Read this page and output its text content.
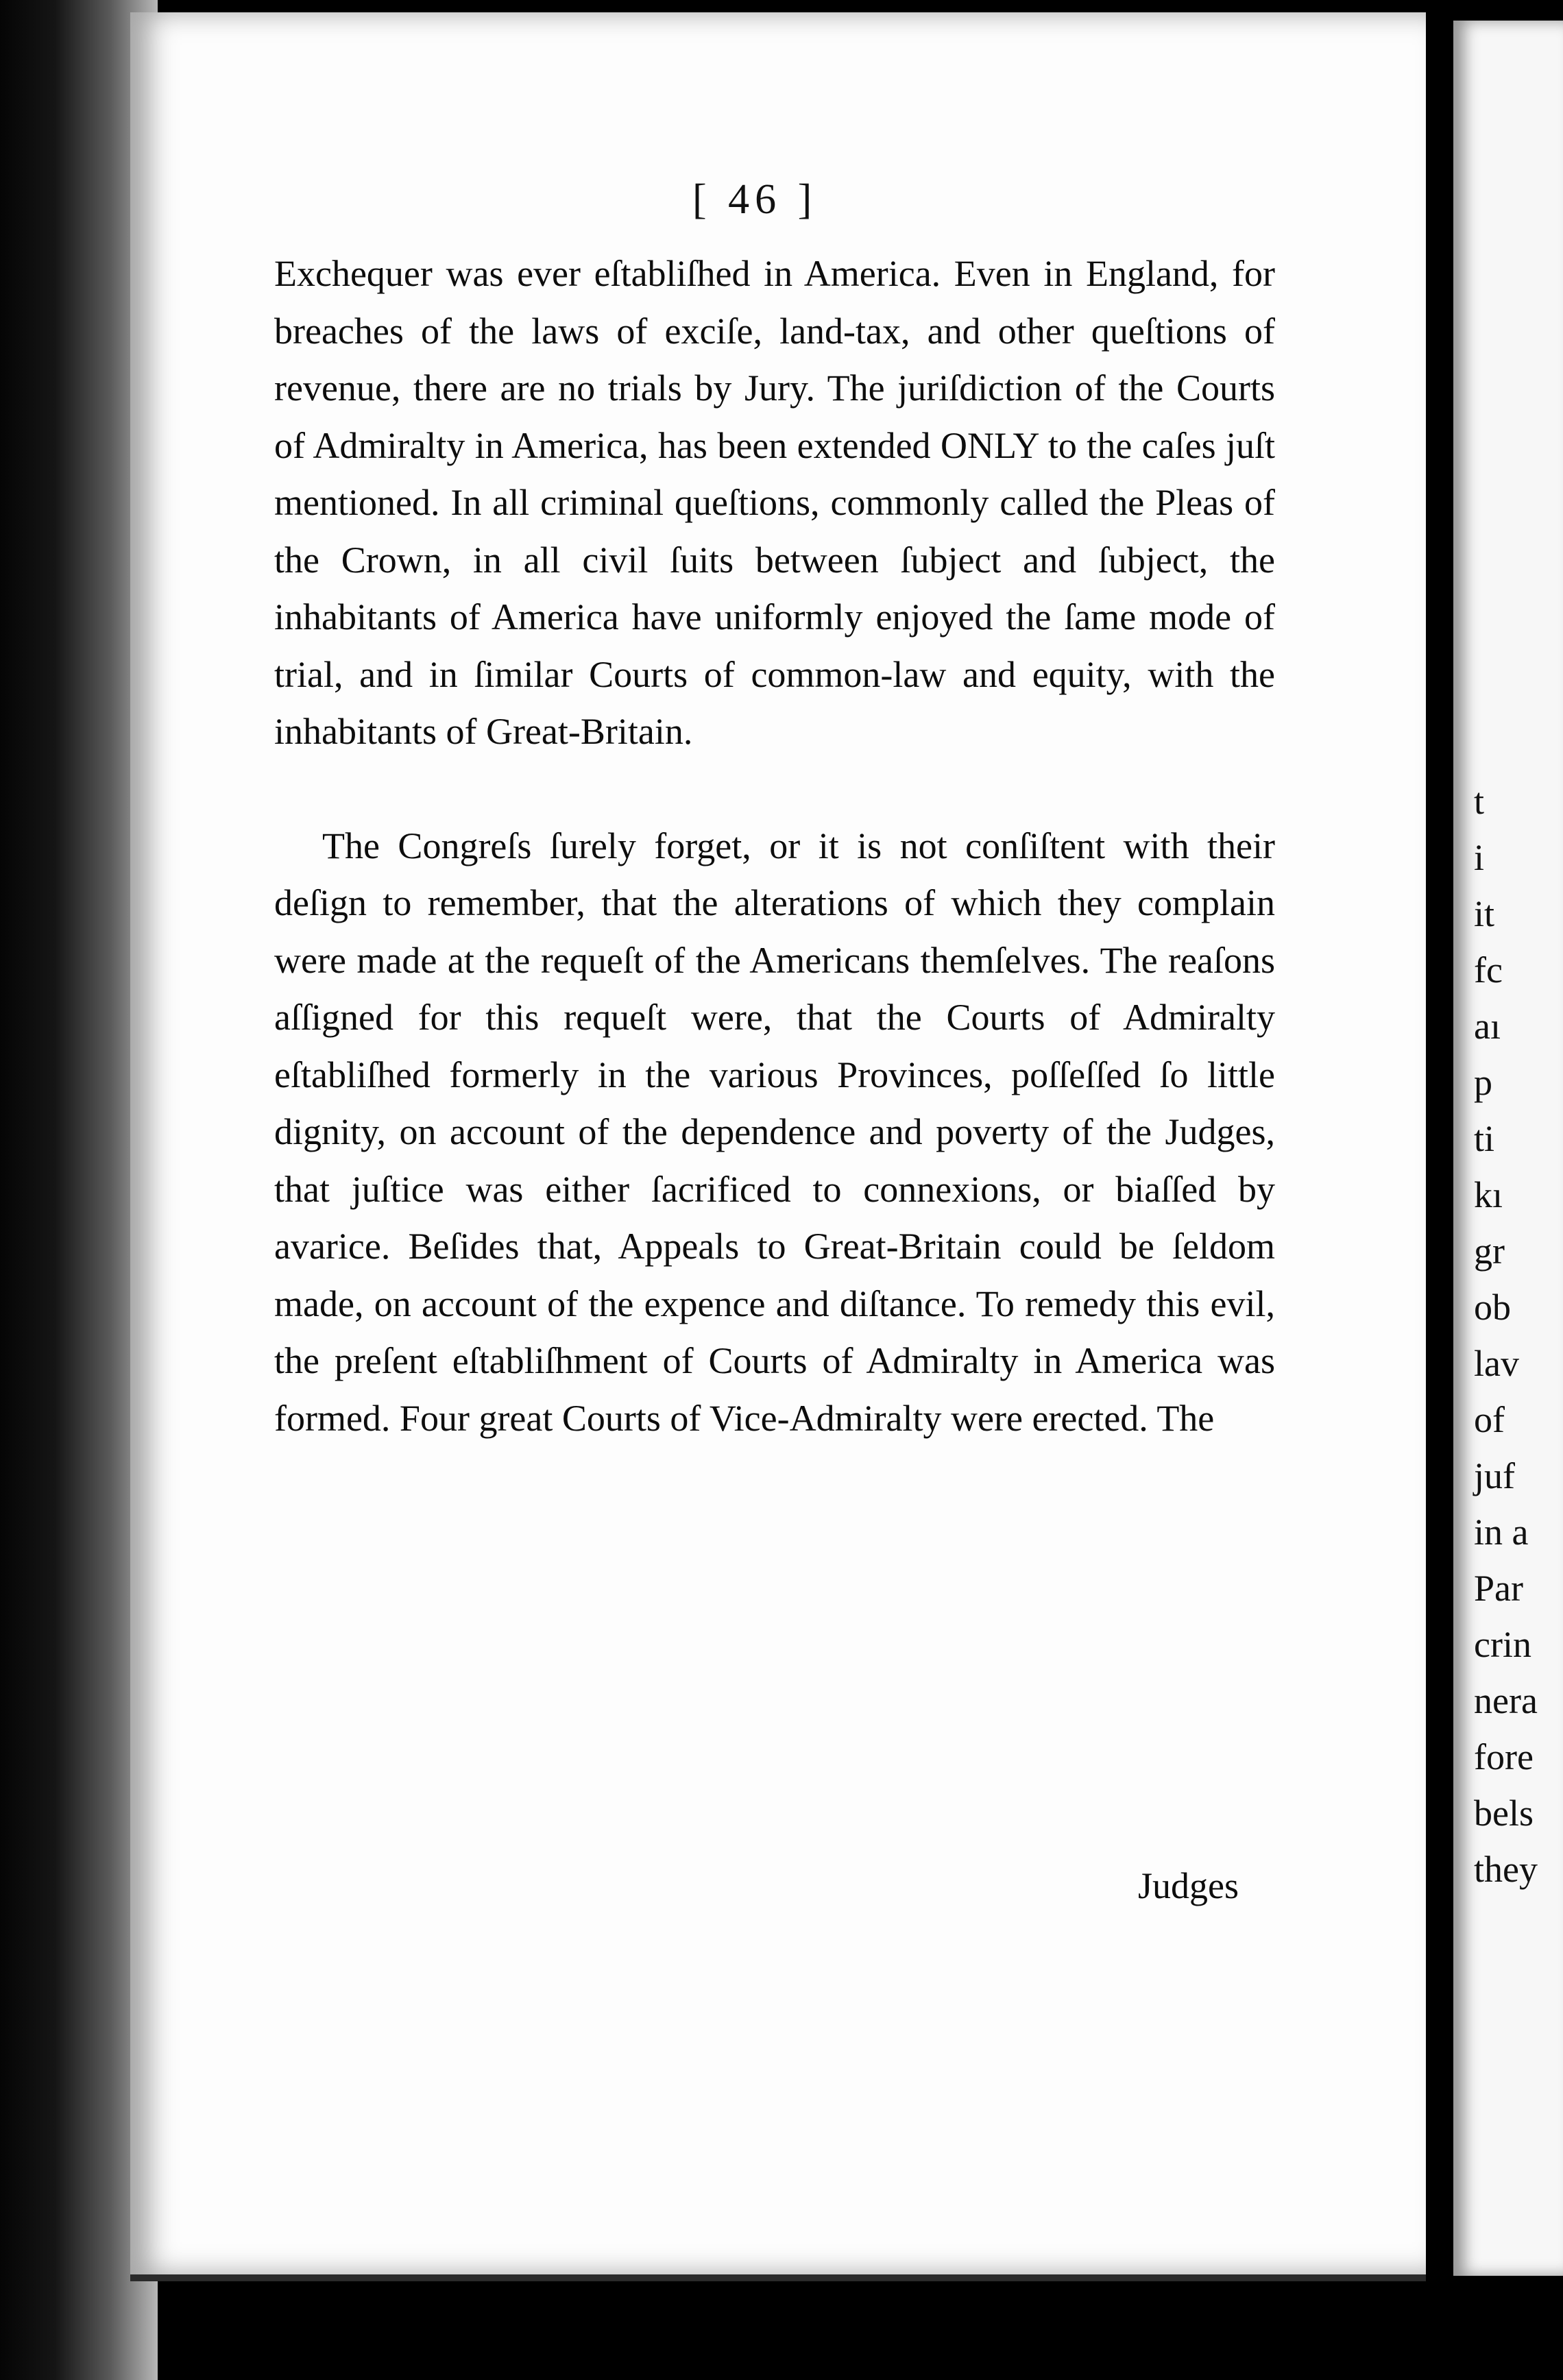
[ 46 ]

Exchequer was ever eſtabliſhed in America. Even in England, for breaches of the laws of exciſe, land-tax, and other queſtions of revenue, there are no trials by Jury. The juriſdiction of the Courts of Admiralty in America, has been extended ONLY to the caſes juſt mentioned. In all criminal queſtions, commonly called the Pleas of the Crown, in all civil ſuits between ſubject and ſubject, the inhabitants of America have uniformly enjoyed the ſame mode of trial, and in ſimilar Courts of common-law and equity, with the inhabitants of Great-Britain.

The Congreſs ſurely forget, or it is not conſiſtent with their deſign to remember, that the alterations of which they complain were made at the requeſt of the Americans themſelves. The reaſons aſſigned for this requeſt were, that the Courts of Admiralty eſtabliſhed formerly in the various Provinces, poſſeſſed ſo little dignity, on account of the dependence and poverty of the Judges, that juſtice was either ſacrificed to connexions, or biaſſed by avarice. Beſides that, Appeals to Great-Britain could be ſeldom made, on account of the expence and diſtance. To remedy this evil, the preſent eſtabliſhment of Courts of Admiralty in America was formed. Four great Courts of Vice-Admiralty were erected. The

Judges
t
i
it
fc
aı
p
ti
kı
gr
ob
lav
of
juf
in a
Par
crin
nera
fore
bels
they
